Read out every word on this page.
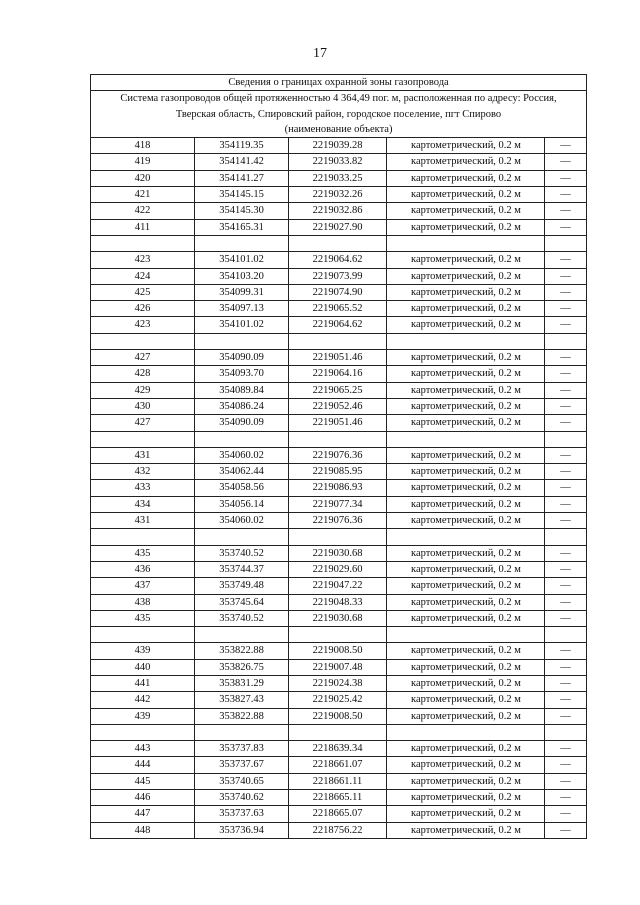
17
Сведения о границах охранной зоны газопровода				

Система газопроводов общей протяженностью 4 364,49 пог. м, расположенная по адресу: Россия,
Тверская область, Спировский район, городское поселение, пгт Спирово
(наименование объекта)				

418	354119.35	2219039.28	картометрический, 0.2 м	—
419	354141.42	2219033.82	картометрический, 0.2 м	—
420	354141.27	2219033.25	картометрический, 0.2 м	—
421	354145.15	2219032.26	картометрический, 0.2 м	—
422	354145.30	2219032.86	картометрический, 0.2 м	—
411	354165.31	2219027.90	картометрический, 0.2 м	—

423	354101.02	2219064.62	картометрический, 0.2 м	—
424	354103.20	2219073.99	картометрический, 0.2 м	—
425	354099.31	2219074.90	картометрический, 0.2 м	—
426	354097.13	2219065.52	картометрический, 0.2 м	—
423	354101.02	2219064.62	картометрический, 0.2 м	—

427	354090.09	2219051.46	картометрический, 0.2 м	—
428	354093.70	2219064.16	картометрический, 0.2 м	—
429	354089.84	2219065.25	картометрический, 0.2 м	—
430	354086.24	2219052.46	картометрический, 0.2 м	—
427	354090.09	2219051.46	картометрический, 0.2 м	—

431	354060.02	2219076.36	картометрический, 0.2 м	—
432	354062.44	2219085.95	картометрический, 0.2 м	—
433	354058.56	2219086.93	картометрический, 0.2 м	—
434	354056.14	2219077.34	картометрический, 0.2 м	—
431	354060.02	2219076.36	картометрический, 0.2 м	—

435	353740.52	2219030.68	картометрический, 0.2 м	—
436	353744.37	2219029.60	картометрический, 0.2 м	—
437	353749.48	2219047.22	картометрический, 0.2 м	—
438	353745.64	2219048.33	картометрический, 0.2 м	—
435	353740.52	2219030.68	картометрический, 0.2 м	—

439	353822.88	2219008.50	картометрический, 0.2 м	—
440	353826.75	2219007.48	картометрический, 0.2 м	—
441	353831.29	2219024.38	картометрический, 0.2 м	—
442	353827.43	2219025.42	картометрический, 0.2 м	—
439	353822.88	2219008.50	картометрический, 0.2 м	—

443	353737.83	2218639.34	картометрический, 0.2 м	—
444	353737.67	2218661.07	картометрический, 0.2 м	—
445	353740.65	2218661.11	картометрический, 0.2 м	—
446	353740.62	2218665.11	картометрический, 0.2 м	—
447	353737.63	2218665.07	картометрический, 0.2 м	—
448	353736.94	2218756.22	картометрический, 0.2 м	—
